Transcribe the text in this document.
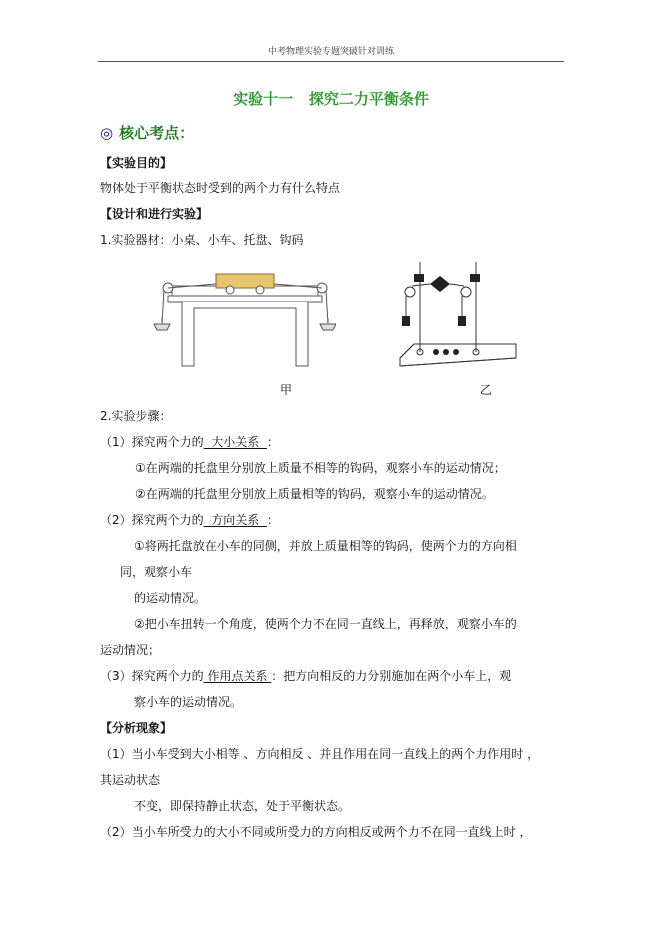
中考物理实验专题突破针对训练
实验十一   探究二力平衡条件
◎ 核心考点：
【实验目的】
物体处于平衡状态时受到的两个力有什么特点
【设计和进行实验】
1.实验器材：小桌、小车、托盘、钩码
甲	乙
2.实验步骤：
（1）探究两个力的  大小关系  ：
①在两端的托盘里分别放上质量不相等的钩码，观察小车的运动情况；
②在两端的托盘里分别放上质量相等的钩码，观察小车的运动情况。
（2）探究两个力的  方向关系  ：
①将两托盘放在小车的同侧，并放上质量相等的钩码，使两个力的方向相
同，观察小车
的运动情况。
②把小车扭转一个角度，使两个力不在同一直线上，再释放，观察小车的
运动情况；
（3）探究两个力的 作用点关系 ：把方向相反的力分别施加在两个小车上，观
察小车的运动情况。
【分析现象】
（1）当小车受到大小相等 、方向相反 、并且作用在同一直线上的两个力作用时 ，
其运动状态
不变，即保持静止状态，处于平衡状态。
（2）当小车所受力的大小不同或所受力的方向相反或两个力不在同一直线上时 ，
